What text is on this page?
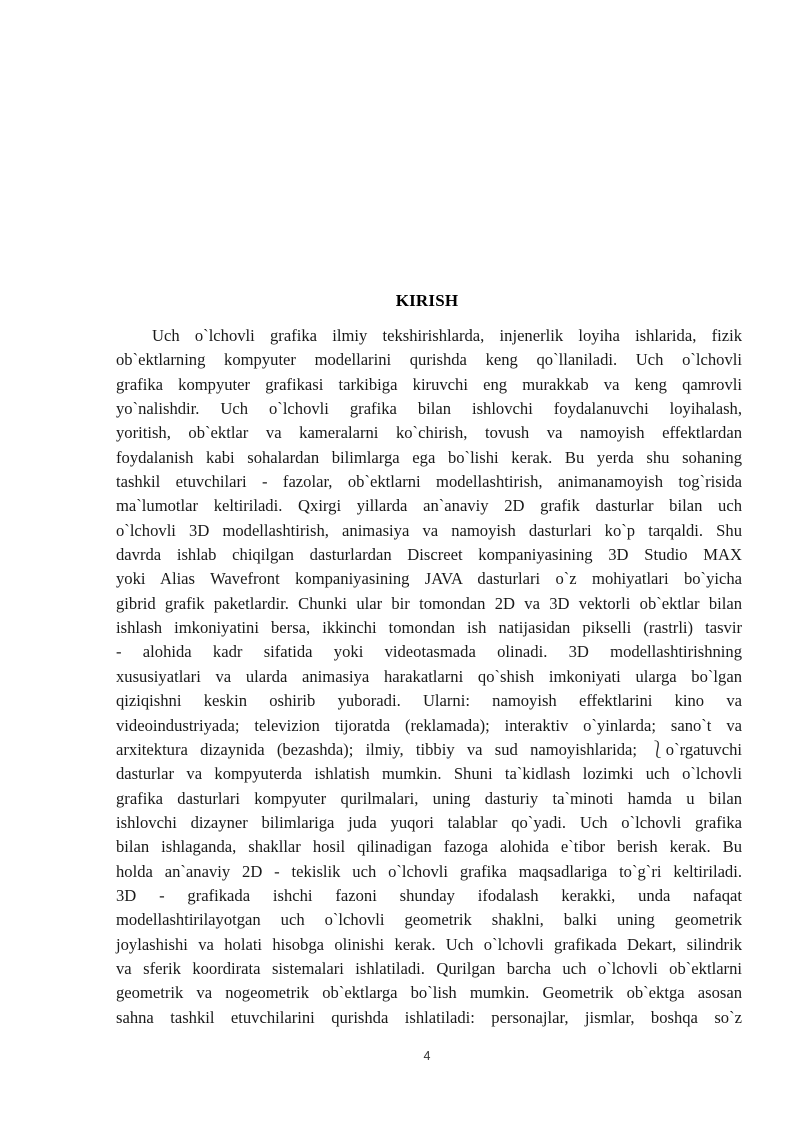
KIRISH
Uch o`lchovli grafika ilmiy tekshirishlarda, injenerlik loyiha ishlarida, fizik
ob`ektlarning kompyuter modellarini qurishda keng qo`llaniladi. Uch o`lchovli
grafika kompyuter grafikasi tarkibiga kiruvchi eng murakkab va keng qamrovli
yo`nalishdir. Uch o`lchovli grafika bilan ishlovchi foydalanuvchi loyihalash,
yoritish, ob`ektlar va kameralarni ko`chirish, tovush va namoyish effektlardan
foydalanish kabi sohalardan bilimlarga ega bo`lishi kerak. Bu yerda shu sohaning
tashkil etuvchilari - fazolar, ob`ektlarni modellashtirish, animanamoyish tog`risida
ma`lumotlar keltiriladi. Qxirgi yillarda an`anaviy 2D grafik dasturlar bilan uch
o`lchovli 3D modellashtirish, animasiya va namoyish dasturlari ko`p tarqaldi. Shu
davrda ishlab chiqilgan dasturlardan Discreet kompaniyasining 3D Studio MAX
yoki Alias Wavefront kompaniyasining JAVA dasturlari o`z mohiyatlari bo`yicha
gibrid grafik paketlardir. Chunki ular bir tomondan 2D va 3D vektorli ob`ektlar bilan
ishlash imkoniyatini bersa, ikkinchi tomondan ish natijasidan pikselli (rastrli) tasvir
- alohida kadr sifatida yoki videotasmada olinadi. 3D modellashtirishning
xususiyatlari va ularda animasiya harakatlarni qo`shish imkoniyati ularga bo`lgan
qiziqishni keskin oshirib yuboradi. Ularni: namoyish effektlarini kino va
videoindustriyada; televizion tijoratda (reklamada); interaktiv o`yinlarda; sano`t va
arxitektura dizaynida (bezashda); ilmiy, tibbiy va sud namoyishlarida; ⎱o`rgatuvchi
dasturlar va kompyuterda ishlatish mumkin. Shuni ta`kidlash lozimki uch o`lchovli
grafika dasturlari kompyuter qurilmalari, uning dasturiy ta`minoti hamda u bilan
ishlovchi dizayner bilimlariga juda yuqori talablar qo`yadi. Uch o`lchovli grafika
bilan ishlaganda, shakllar hosil qilinadigan fazoga alohida e`tibor berish kerak. Bu
holda an`anaviy 2D - tekislik uch o`lchovli grafika maqsadlariga to`g`ri keltiriladi.
3D - grafikada ishchi fazoni shunday ifodalash kerakki, unda nafaqat
modellashtirilayotgan uch o`lchovli geometrik shaklni, balki uning geometrik
joylashishi va holati hisobga olinishi kerak. Uch o`lchovli grafikada Dekart, silindrik
va sferik koordirata sistemalari ishlatiladi. Qurilgan barcha uch o`lchovli ob`ektlarni
geometrik va nogeometrik ob`ektlarga bo`lish mumkin. Geometrik ob`ektga asosan
sahna tashkil etuvchilarini qurishda ishlatiladi: personajlar, jismlar, boshqa so`z
4
